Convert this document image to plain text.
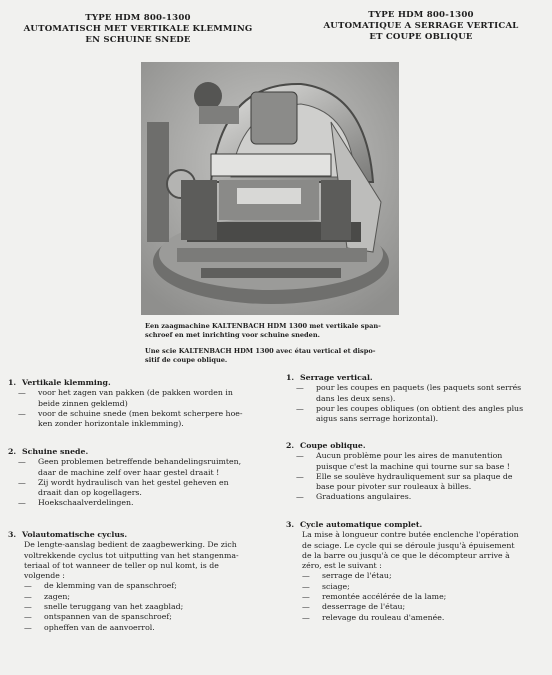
TYPE HDM 800-1300
AUTOMATISCH MET VERTIKALE KLEMMING
EN SCHUINE SNEDE
TYPE HDM 800-1300
AUTOMATIQUE A SERRAGE VERTICAL
ET COUPE OBLIQUE
Een zaagmachine KALTENBACH HDM 1300 met vertikale span-
schroef en met inrichting voor schuine sneden.
Une scie KALTENBACH HDM 1300 avec étau vertical et dispo-
sitif de coupe oblique.
1. Vertikale klemming.
— voor het zagen van pakken (de pakken worden in
beide zinnen geklemd)
— voor de schuine snede (men bekomt scherpere hoe-
ken zonder horizontale inklemming).
2. Schuine snede.
— Geen problemen betreffende behandelingsruimten,
daar de machine zelf over haar gestel draait !
— Zij wordt hydraulisch van het gestel geheven en
draait dan op kogellagers.
— Hoekschaalverdelingen.
3. Volautomatische cyclus.
De lengte-aanslag bedient de zaagbewerking. De zich
voltrekkende cyclus tot uitputting van het stangenma-
teriaal of tot wanneer de teller op nul komt, is de
volgende :
— de klemming van de spanschroef;
— zagen;
— snelle teruggang van het zaagblad;
— ontspannen van de spanschroef;
— opheffen van de aanvoerrol.
1. Serrage vertical.
— pour les coupes en paquets (les paquets sont serrés
dans les deux sens).
— pour les coupes obliques (on obtient des angles plus
aigus sans serrage horizontal).
2. Coupe oblique.
— Aucun problème pour les aires de manutention
puisque c'est la machine qui tourne sur sa base !
— Elle se soulève hydrauliquement sur sa plaque de
base pour pivoter sur rouleaux à billes.
— Graduations angulaires.
3. Cycle automatique complet.
La mise à longueur contre butée enclenche l'opération
de sciage. Le cycle qui se déroule jusqu'à épuisement
de la barre ou jusqu'à ce que le décompteur arrive à
zéro, est le suivant :
— serrage de l'étau;
— sciage;
— remontée accélérée de la lame;
— desserrage de l'étau;
— relevage du rouleau d'amenée.
